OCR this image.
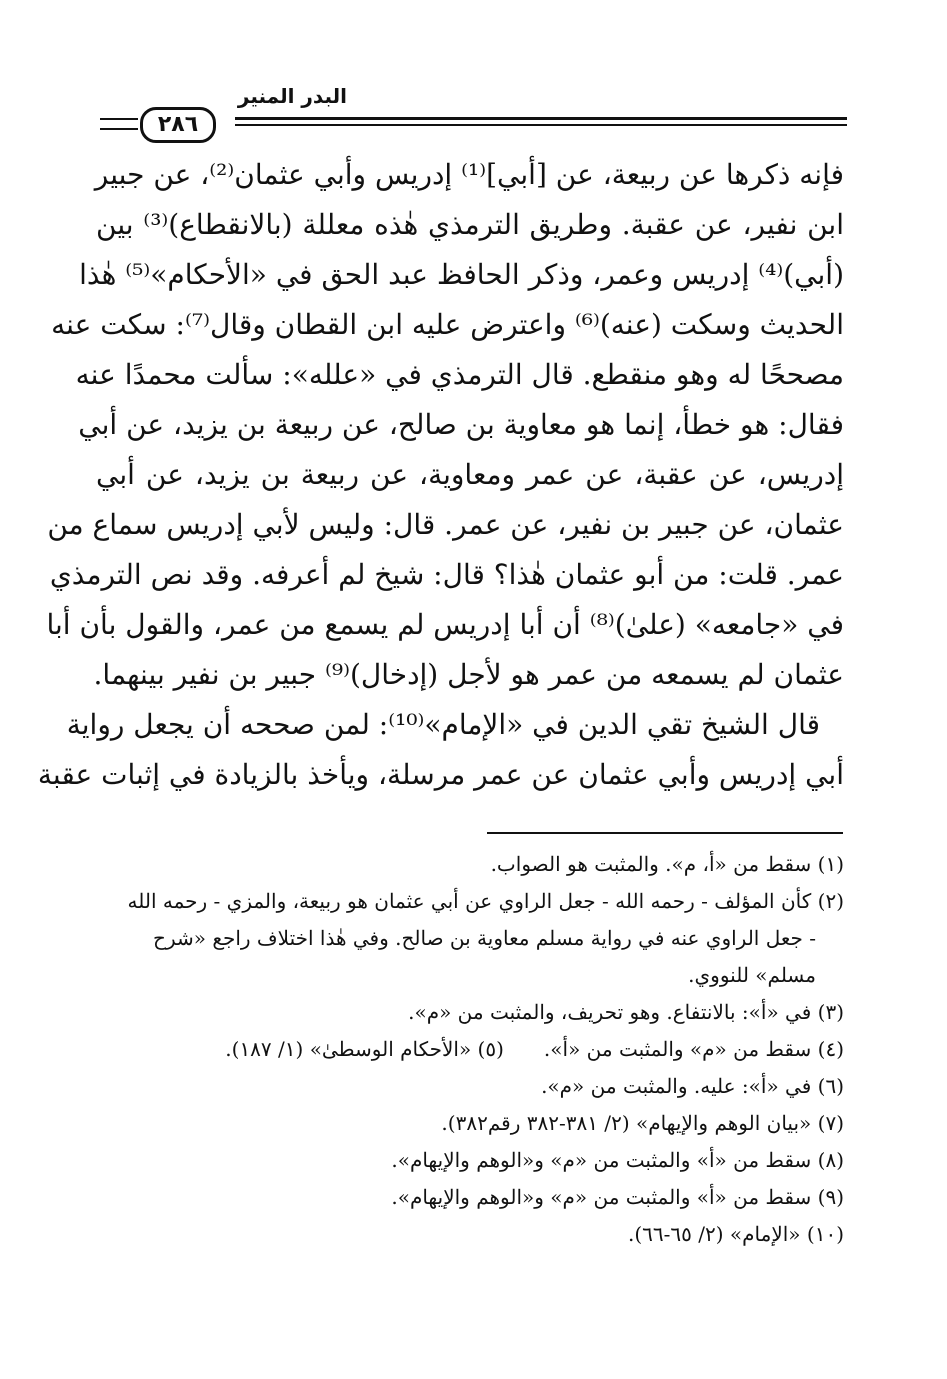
البدر المنير
٢٨٦
فإنه ذكرها عن ربيعة، عن [أبي]⁽¹⁾ إدريس وأبي عثمان⁽²⁾، عن جبير
ابن نفير، عن عقبة. وطريق الترمذي هٰذه معللة (بالانقطاع)⁽³⁾ بين
(أبي)⁽⁴⁾ إدريس وعمر، وذكر الحافظ عبد الحق في «الأحكام»⁽⁵⁾ هٰذا
الحديث وسكت (عنه)⁽⁶⁾ واعترض عليه ابن القطان وقال⁽⁷⁾: سكت عنه
مصححًا له وهو منقطع. قال الترمذي في «علله»: سألت محمدًا عنه
فقال: هو خطأ، إنما هو معاوية بن صالح، عن ربيعة بن يزيد، عن أبي
إدريس، عن عقبة، عن عمر ومعاوية، عن ربيعة بن يزيد، عن أبي
عثمان، عن جبير بن نفير، عن عمر. قال: وليس لأبي إدريس سماع من
عمر. قلت: من أبو عثمان هٰذا؟ قال: شيخ لم أعرفه. وقد نص الترمذي
في «جامعه» (علىٰ)⁽⁸⁾ أن أبا إدريس لم يسمع من عمر، والقول بأن أبا
عثمان لم يسمعه من عمر هو لأجل (إدخال)⁽⁹⁾ جبير بن نفير بينهما.
قال الشيخ تقي الدين في «الإمام»⁽¹⁰⁾: لمن صححه أن يجعل رواية
أبي إدريس وأبي عثمان عن عمر مرسلة، ويأخذ بالزيادة في إثبات عقبة
(١) سقط من «أ، م». والمثبت هو الصواب.
(٢) كأن المؤلف - رحمه الله - جعل الراوي عن أبي عثمان هو ربيعة، والمزي - رحمه الله
- جعل الراوي عنه في رواية مسلم معاوية بن صالح. وفي هٰذا اختلاف راجع «شرح
مسلم» للنووي.
(٣) في «أ»: بالانتفاع. وهو تحريف، والمثبت من «م».
(٤) سقط من «م» والمثبت من «أ».(٥) «الأحكام الوسطىٰ» (١/ ١٨٧).
(٦) في «أ»: عليه. والمثبت من «م».
(٧) «بيان الوهم والإيهام» (٢/ ٣٨١-٣٨٢ رقم٣٨٢).
(٨) سقط من «أ» والمثبت من «م» و«الوهم والإيهام».
(٩) سقط من «أ» والمثبت من «م» و«الوهم والإيهام».
(١٠) «الإمام» (٢/ ٦٥-٦٦).
